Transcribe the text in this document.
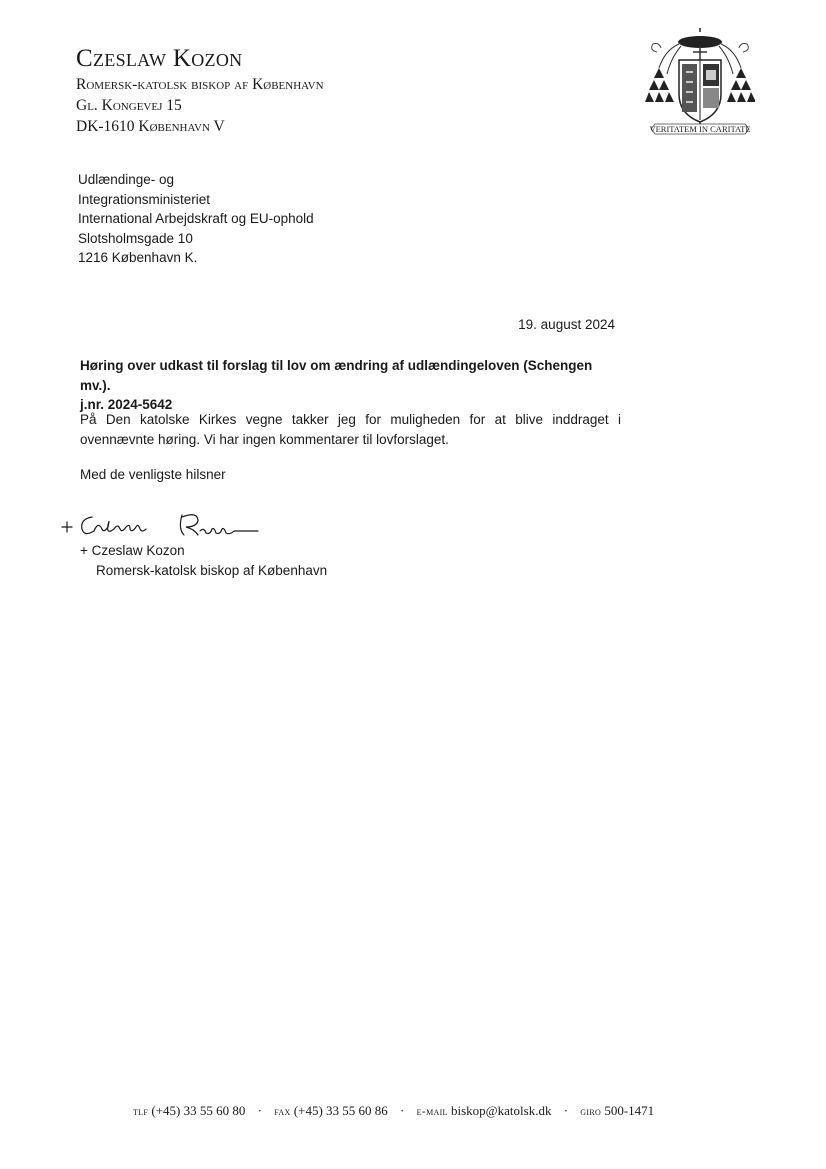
Czeslaw Kozon
Romersk-katolsk biskop af København
Gl. Kongevej 15
DK-1610 København V	VERITATEM IN CARITATE
Udlændinge- og
Integrationsministeriet
International Arbejdskraft og EU-ophold
Slotsholmsgade 10
1216 København K.
19. august 2024
Høring over udkast til forslag til lov om ændring af udlændingeloven (Schengen mv.).
j.nr. 2024-5642
På Den katolske Kirkes vegne takker jeg for muligheden for at blive inddraget i ovennævnte høring. Vi har ingen kommentarer til lovforslaget.
Med de venligste hilsner
+ Czeslaw Kozon
Romersk-katolsk biskop af København
tlf (+45) 33 55 60 80 · fax (+45) 33 55 60 86 · e-mail biskop@katolsk.dk · giro 500-1471
